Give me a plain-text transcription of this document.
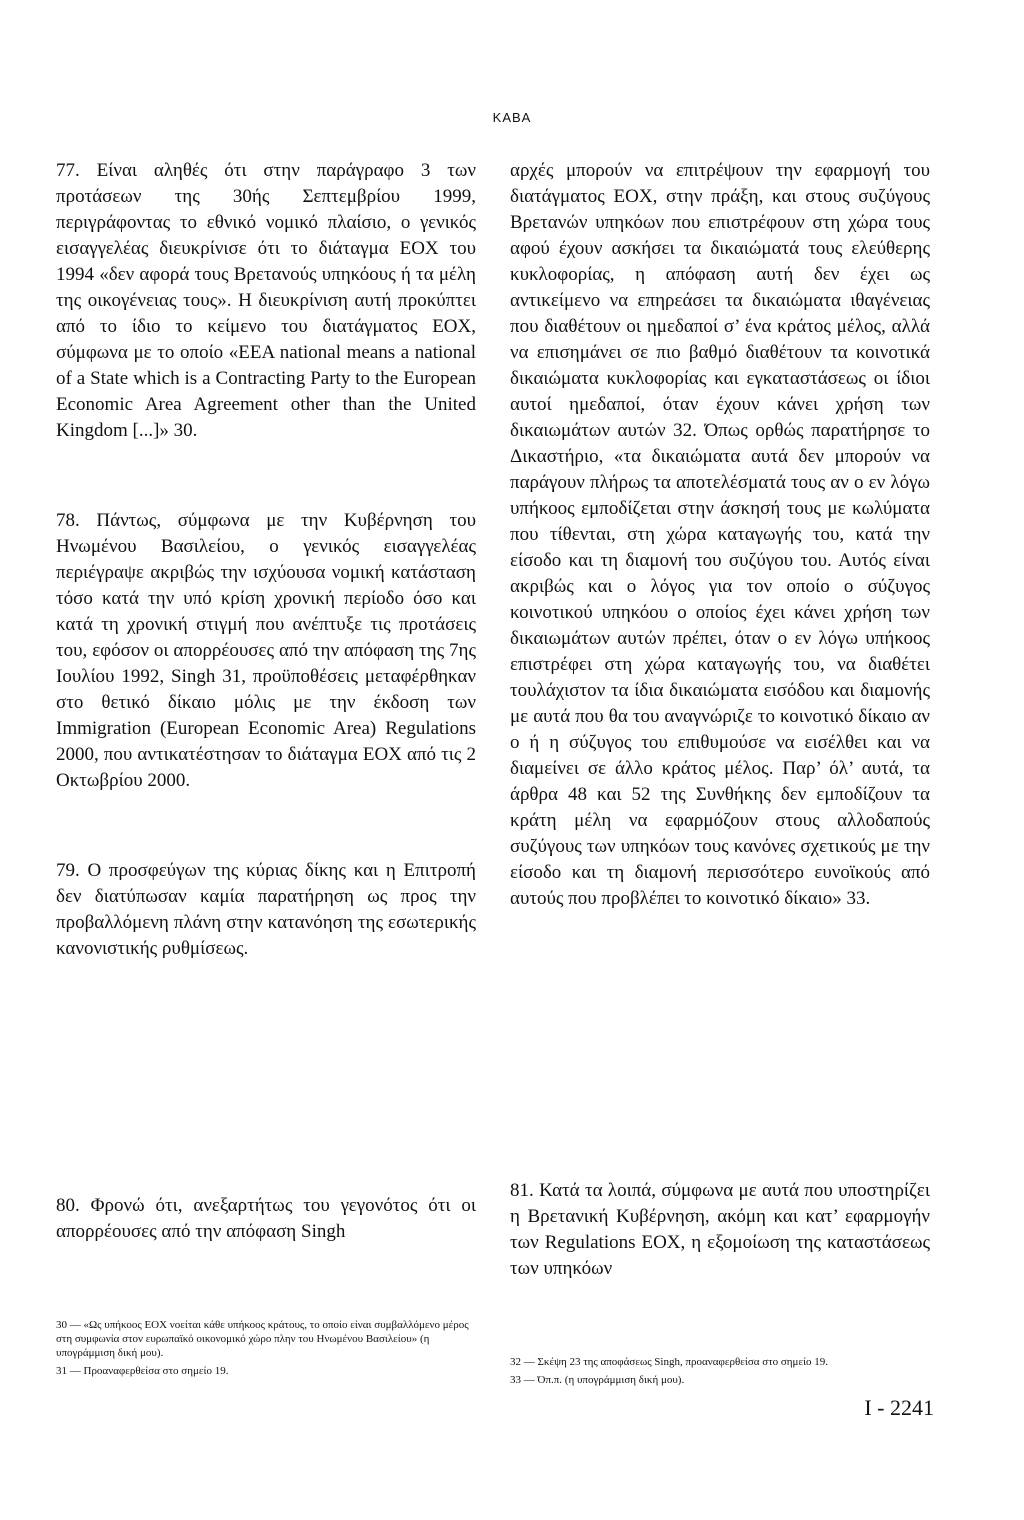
ΚΑΒΑ

77. Είναι αληθές ότι στην παράγραφο 3 των προτάσεων της 30ής Σεπτεμβρίου 1999, περιγράφοντας το εθνικό νομικό πλαίσιο, ο γενικός εισαγγελέας διευκρίνισε ότι το διάταγμα ΕΟΧ του 1994 «δεν αφορά τους Βρετανούς υπηκόους ή τα μέλη της οικογένειας τους». Η διευκρίνιση αυτή προκύπτει από το ίδιο το κείμενο του διατάγματος ΕΟΧ, σύμφωνα με το οποίο «EEA national means a national of a State which is a Contracting Party to the European Economic Area Agreement other than the United Kingdom [...]» 30.

78. Πάντως, σύμφωνα με την Κυβέρνηση του Ηνωμένου Βασιλείου, ο γενικός εισαγγελέας περιέγραψε ακριβώς την ισχύουσα νομική κατάσταση τόσο κατά την υπό κρίση χρονική περίοδο όσο και κατά τη χρονική στιγμή που ανέπτυξε τις προτάσεις του, εφόσον οι απορρέουσες από την απόφαση της 7ης Ιουλίου 1992, Singh 31, προϋποθέσεις μεταφέρθηκαν στο θετικό δίκαιο μόλις με την έκδοση των Immigration (European Economic Area) Regulations 2000, που αντικατέστησαν το διάταγμα ΕΟΧ από τις 2 Οκτωβρίου 2000.

79. Ο προσφεύγων της κύριας δίκης και η Επιτροπή δεν διατύπωσαν καμία παρατήρηση ως προς την προβαλλόμενη πλάνη στην κατανόηση της εσωτερικής κανονιστικής ρυθμίσεως.

80. Φρονώ ότι, ανεξαρτήτως του γεγονότος ότι οι απορρέουσες από την απόφαση Singh

αρχές μπορούν να επιτρέψουν την εφαρμογή του διατάγματος ΕΟΧ, στην πράξη, και στους συζύγους Βρετανών υπηκόων που επιστρέφουν στη χώρα τους αφού έχουν ασκήσει τα δικαιώματά τους ελεύθερης κυκλοφορίας, η απόφαση αυτή δεν έχει ως αντικείμενο να επηρεάσει τα δικαιώματα ιθαγένειας που διαθέτουν οι ημεδαποί σ’ ένα κράτος μέλος, αλλά να επισημάνει σε πιο βαθμό διαθέτουν τα κοινοτικά δικαιώματα κυκλοφορίας και εγκαταστάσεως οι ίδιοι αυτοί ημεδαποί, όταν έχουν κάνει χρήση των δικαιωμάτων αυτών 32. Όπως ορθώς παρατήρησε το Δικαστήριο, «τα δικαιώματα αυτά δεν μπορούν να παράγουν πλήρως τα αποτελέσματά τους αν ο εν λόγω υπήκοος εμποδίζεται στην άσκησή τους με κωλύματα που τίθενται, στη χώρα καταγωγής του, κατά την είσοδο και τη διαμονή του συζύγου του. Αυτός είναι ακριβώς και ο λόγος για τον οποίο ο σύζυγος κοινοτικού υπηκόου ο οποίος έχει κάνει χρήση των δικαιωμάτων αυτών πρέπει, όταν ο εν λόγω υπήκοος επιστρέφει στη χώρα καταγωγής του, να διαθέτει τουλάχιστον τα ίδια δικαιώματα εισόδου και διαμονής με αυτά που θα του αναγνώριζε το κοινοτικό δίκαιο αν ο ή η σύζυγος του επιθυμούσε να εισέλθει και να διαμείνει σε άλλο κράτος μέλος. Παρ’ όλ’ αυτά, τα άρθρα 48 και 52 της Συνθήκης δεν εμποδίζουν τα κράτη μέλη να εφαρμόζουν στους αλλοδαπούς συζύγους των υπηκόων τους κανόνες σχετικούς με την είσοδο και τη διαμονή περισσότερο ευνοϊκούς από αυτούς που προβλέπει το κοινοτικό δίκαιο» 33.

81. Κατά τα λοιπά, σύμφωνα με αυτά που υποστηρίζει η Βρετανική Κυβέρνηση, ακόμη και κατ’ εφαρμογήν των Regulations ΕΟΧ, η εξομοίωση της καταστάσεως των υπηκόων

30 — «Ως υπήκοος ΕΟΧ νοείται κάθε υπήκοος κράτους, το οποίο είναι συμβαλλόμενο μέρος στη συμφωνία στον ευρωπαϊκό οικονομικό χώρο πλην του Ηνωμένου Βασιλείου» (η υπογράμμιση δική μου).

31 — Προαναφερθείσα στο σημείο 19.

32 — Σκέψη 23 της αποφάσεως Singh, προαναφερθείσα στο σημείο 19.

33 — Όπ.π. (η υπογράμμιση δική μου).

I - 2241
